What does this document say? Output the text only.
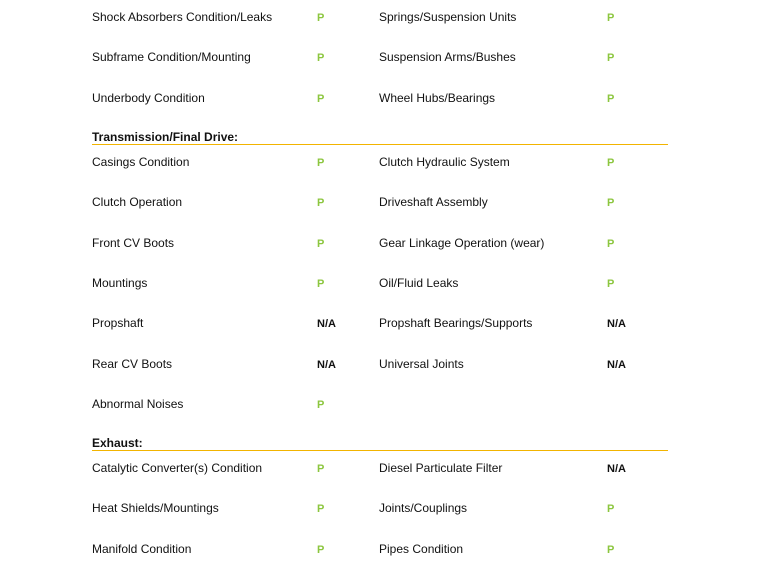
Shock Absorbers Condition/Leaks	P	Springs/Suspension Units	P
Subframe Condition/Mounting	P	Suspension Arms/Bushes	P
Underbody Condition	P	Wheel Hubs/Bearings	P
Transmission/Final Drive:
Casings Condition	P	Clutch Hydraulic System	P
Clutch Operation	P	Driveshaft Assembly	P
Front CV Boots	P	Gear Linkage Operation (wear)	P
Mountings	P	Oil/Fluid Leaks	P
Propshaft	N/A	Propshaft Bearings/Supports	N/A
Rear CV Boots	N/A	Universal Joints	N/A
Abnormal Noises	P
Exhaust:
Catalytic Converter(s) Condition	P	Diesel Particulate Filter	N/A
Heat Shields/Mountings	P	Joints/Couplings	P
Manifold Condition	P	Pipes Condition	P
